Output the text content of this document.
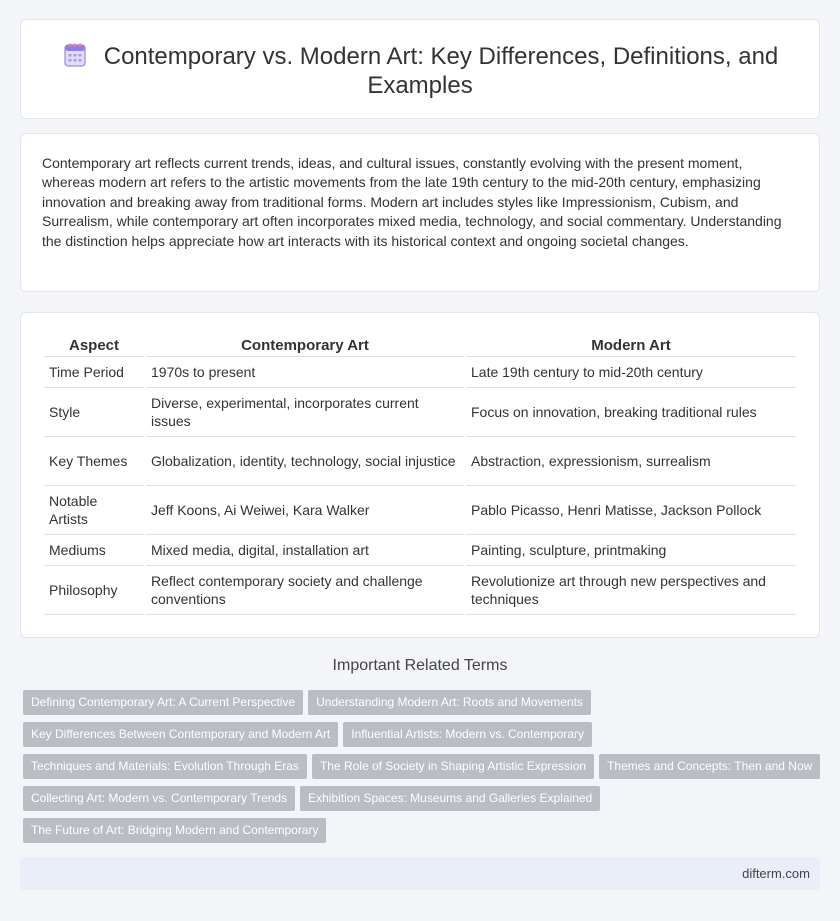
Contemporary vs. Modern Art: Key Differences, Definitions, and Examples

Contemporary art reflects current trends, ideas, and cultural issues, constantly evolving with the present moment, whereas modern art refers to the artistic movements from the late 19th century to the mid-20th century, emphasizing innovation and breaking away from traditional forms. Modern art includes styles like Impressionism, Cubism, and Surrealism, while contemporary art often incorporates mixed media, technology, and social commentary. Understanding the distinction helps appreciate how art interacts with its historical context and ongoing societal changes.

Aspect	Contemporary Art	Modern Art
Time Period	1970s to present	Late 19th century to mid-20th century
Style	Diverse, experimental, incorporates current issues	Focus on innovation, breaking traditional rules
Key Themes	Globalization, identity, technology, social injustice	Abstraction, expressionism, surrealism
Notable Artists	Jeff Koons, Ai Weiwei, Kara Walker	Pablo Picasso, Henri Matisse, Jackson Pollock
Mediums	Mixed media, digital, installation art	Painting, sculpture, printmaking
Philosophy	Reflect contemporary society and challenge conventions	Revolutionize art through new perspectives and techniques
Important Related Terms
Defining Contemporary Art: A Current Perspective Understanding Modern Art: Roots and Movements
Key Differences Between Contemporary and Modern Art Influential Artists: Modern vs. Contemporary
Techniques and Materials: Evolution Through Eras The Role of Society in Shaping Artistic Expression Themes and Concepts: Then and Now
Collecting Art: Modern vs. Contemporary Trends Exhibition Spaces: Museums and Galleries Explained
The Future of Art: Bridging Modern and Contemporary
difterm.com
